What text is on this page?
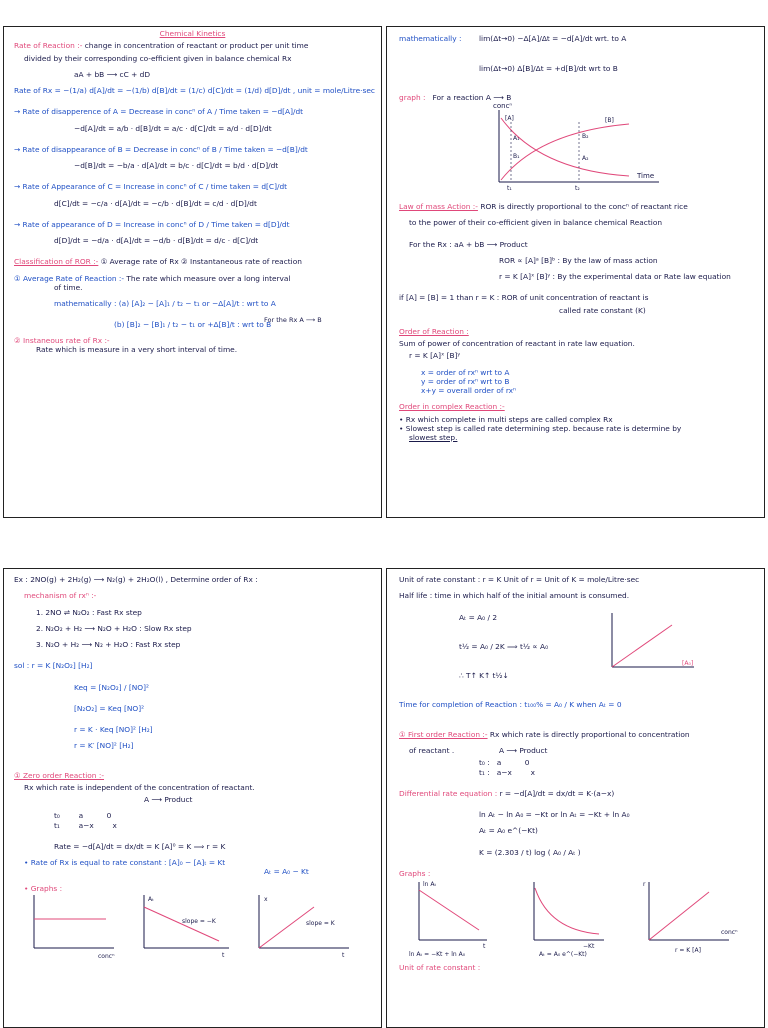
Chemical Kinetics

Rate of Reaction :- change in concentration of reactant or product per unit time

divided by their corresponding co-efficient given in balance chemical Rx

aA + bB ⟶ cC + dD

Rate of Rx = −(1/a) d[A]/dt = −(1/b) d[B]/dt = (1/c) d[C]/dt = (1/d) d[D]/dt , unit = mole/Litre·sec

→ Rate of disapperence of A = Decrease in concⁿ of A / Time taken = −d[A]/dt

−d[A]/dt = a/b · d[B]/dt = a/c · d[C]/dt = a/d · d[D]/dt

→ Rate of disappearance of B = Decrease in concⁿ of B / Time taken = −d[B]/dt

−d[B]/dt = −b/a · d[A]/dt = b/c · d[C]/dt = b/d · d[D]/dt

→ Rate of Appearance of C = Increase in concⁿ of C / time taken = d[C]/dt

d[C]/dt = −c/a · d[A]/dt = −c/b · d[B]/dt = c/d · d[D]/dt

→ Rate of appearance of D = Increase in concⁿ of D / Time taken = d[D]/dt

d[D]/dt = −d/a · d[A]/dt = −d/b · d[B]/dt = d/c · d[C]/dt

Classification of ROR :- ① Average rate of Rx ② Instantaneous rate of reaction

① Average Rate of Reaction :- The rate which measure over a long interval

of time.

mathematically : (a) [A]₂ − [A]₁ / t₂ − t₁ or −Δ[A]/t : wrt to A

(b) [B]₂ − [B]₁ / t₂ − t₁ or +Δ[B]/t : wrt to B

For the Rx A ⟶ B

② Instaneous rate of Rx :-

Rate which is measure in a very short interval of time.

mathematically :	lim(Δt→0) −Δ[A]/Δt = −d[A]/dt wrt. to A

lim(Δt→0) Δ[B]/Δt = +d[B]/dt wrt to B

graph : For a reaction A ⟶ B

concⁿ
Time
[A]	[B]
t₁	t₂
A₁
B₁
B₂
A₂

Law of mass Action :- ROR is directly proportional to the concⁿ of reactant rice

to the power of their co-efficient given in balance chemical Reaction

For the Rx : aA + bB ⟶ Product

ROR ∝ [A]ᵃ [B]ᵇ : By the law of mass action

r = K [A]ˣ [B]ʸ : By the experimental data or Rate law equation

if [A] = [B] = 1 than r = K : ROR of unit concentration of reactant is

called rate constant (K)

Order of Reaction :

Sum of power of concentration of reactant in rate law equation.

r = K [A]ˣ [B]ʸ

x = order of rxⁿ wrt to A

y = order of rxⁿ wrt to B

x+y = overall order of rxⁿ

Order in complex Reaction :-

• Rx which complete in multi steps are called complex Rx

• Slowest step is called rate determining step. because rate is determine by

slowest step.

Ex : 2NO(g) + 2H₂(g) ⟶ N₂(g) + 2H₂O(l) , Determine order of Rx :

mechanism of rxⁿ :-

1. 2NO ⇌ N₂O₂ : Fast Rx step

2. N₂O₂ + H₂ ⟶ N₂O + H₂O : Slow Rx step

3. N₂O + H₂ ⟶ N₂ + H₂O : Fast Rx step

sol : r = K [N₂O₂] [H₂]

Keq = [N₂O₂] / [NO]²

[N₂O₂] = Keq [NO]²

r = K · Keq [NO]² [H₂]

r = K′ [NO]² [H₂]

① Zero order Reaction :-

Rx which rate is independent of the concentration of reactant.

A ⟶ Product

t₀        a          0

t₁        a−x        x

Rate = −d[A]/dt = dx/dt = K [A]⁰ = K ⟹ r = K

• Rate of Rx is equal to rate constant : [A]₀ − [A]ₜ = Kt

Aₜ = A₀ − Kt

• Graphs :

concⁿ
Aₜ
slope = −K
t
x
slope = K
t

Unit of rate constant : r = K Unit of r = Unit of K = mole/Litre·sec

Half life : time in which half of the initial amount is consumed.

Aₜ = A₀ / 2

t½ = A₀ / 2K ⟹ t½ ∝ A₀

∴ T↑ K↑ t½↓

[A₀]

Time for completion of Reaction : t₁₀₀% = A₀ / K when Aₜ = 0

① First order Reaction :- Rx which rate is directly proportional to concentration

of reactant .	A ⟶ Product

t₀ :   a          0

t₁ :   a−x        x

Differential rate equation : r = −d[A]/dt = dx/dt = K·(a−x)

ln Aₜ − ln A₀ = −Kt or ln Aₜ = −Kt + ln A₀

Aₜ = A₀ e^(−Kt)

K = (2.303 / t) log ( A₀ / Aₜ )

Graphs :

ln Aₜ
t
ln Aₜ = −Kt + ln A₀
−Kt
Aₜ = A₀ e^(−Kt)
r
concⁿ
r = K [A]

Unit of rate constant :
